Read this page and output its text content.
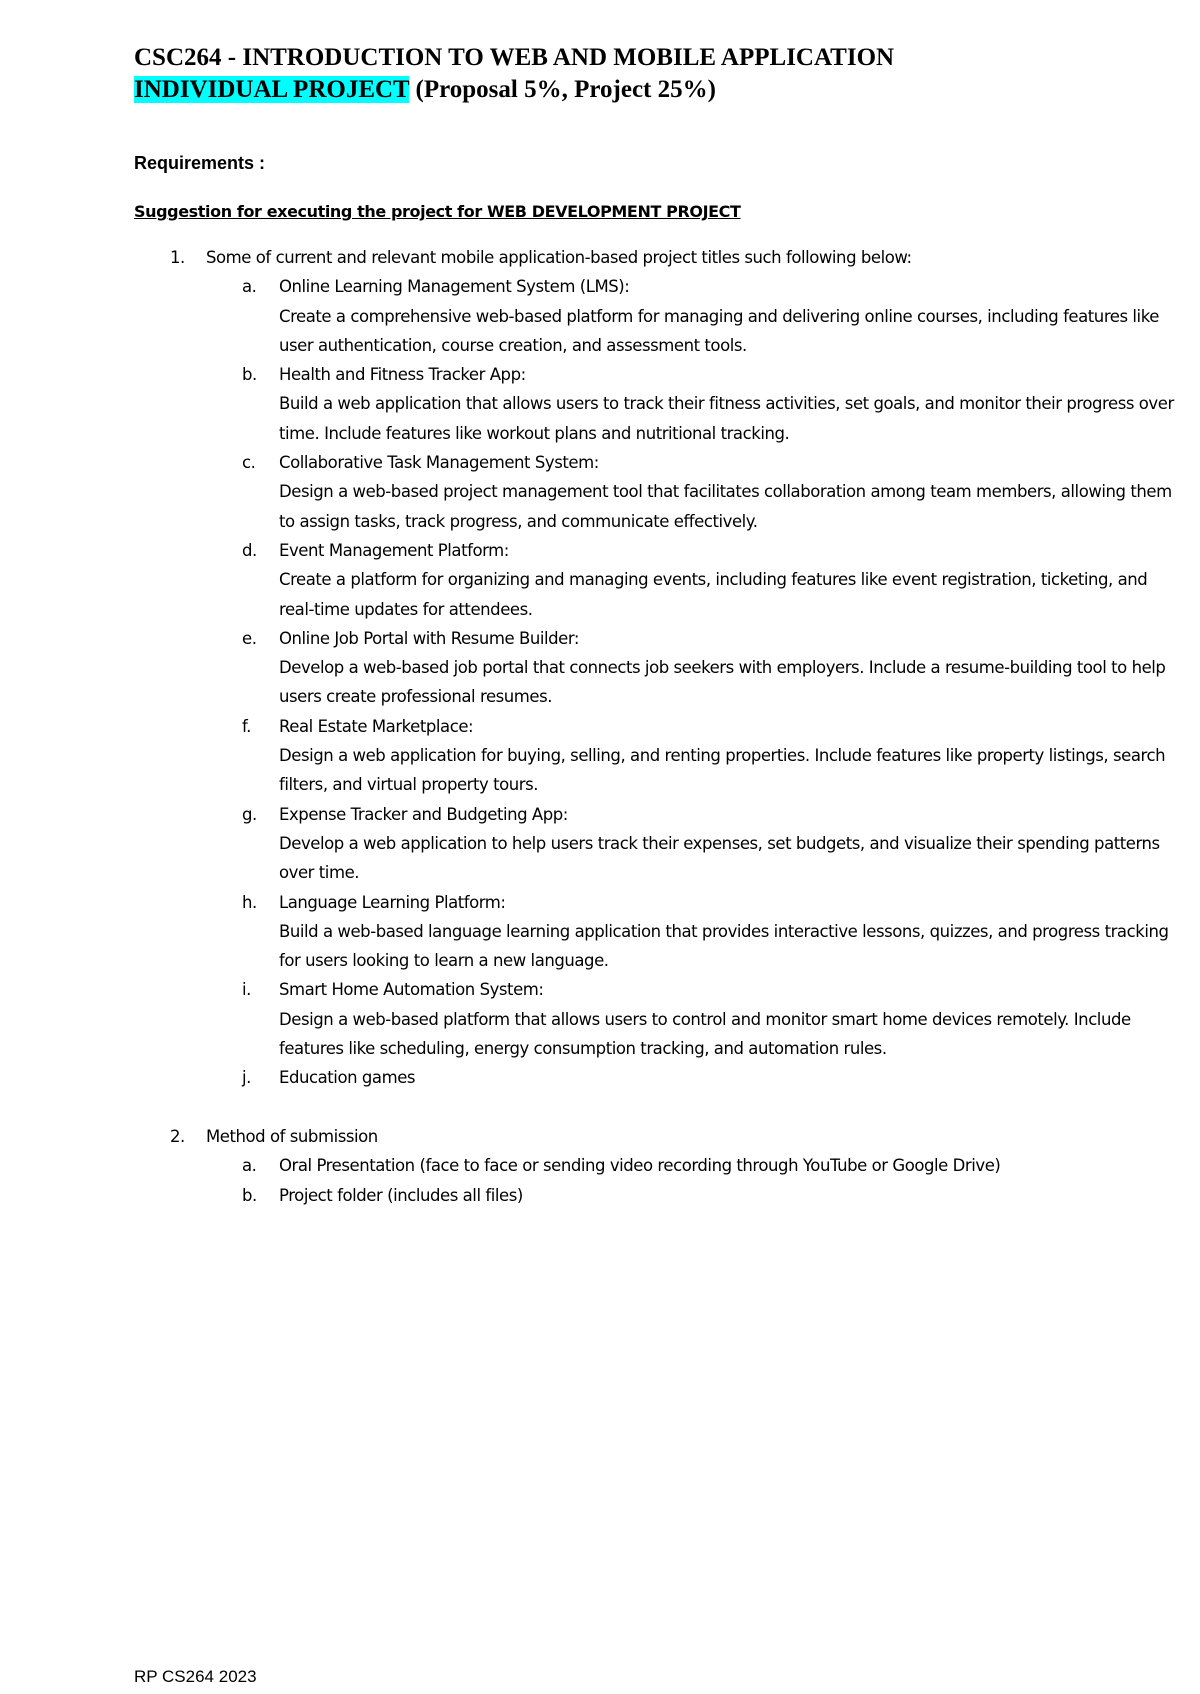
CSC264 - INTRODUCTION TO WEB AND MOBILE APPLICATION
INDIVIDUAL PROJECT (Proposal 5%, Project 25%)
Requirements :
Suggestion for executing the project for WEB DEVELOPMENT PROJECT
1. Some of current and relevant mobile application-based project titles such following below:
a. Online Learning Management System (LMS):
Create a comprehensive web-based platform for managing and delivering online courses, including features like user authentication, course creation, and assessment tools.
b. Health and Fitness Tracker App:
Build a web application that allows users to track their fitness activities, set goals, and monitor their progress over time. Include features like workout plans and nutritional tracking.
c. Collaborative Task Management System:
Design a web-based project management tool that facilitates collaboration among team members, allowing them to assign tasks, track progress, and communicate effectively.
d. Event Management Platform:
Create a platform for organizing and managing events, including features like event registration, ticketing, and real-time updates for attendees.
e. Online Job Portal with Resume Builder:
Develop a web-based job portal that connects job seekers with employers. Include a resume-building tool to help users create professional resumes.
f. Real Estate Marketplace:
Design a web application for buying, selling, and renting properties. Include features like property listings, search filters, and virtual property tours.
g. Expense Tracker and Budgeting App:
Develop a web application to help users track their expenses, set budgets, and visualize their spending patterns over time.
h. Language Learning Platform:
Build a web-based language learning application that provides interactive lessons, quizzes, and progress tracking for users looking to learn a new language.
i. Smart Home Automation System:
Design a web-based platform that allows users to control and monitor smart home devices remotely. Include features like scheduling, energy consumption tracking, and automation rules.
j. Education games
2. Method of submission
a. Oral Presentation (face to face or sending video recording through YouTube or Google Drive)
b. Project folder (includes all files)
RP CS264 2023
